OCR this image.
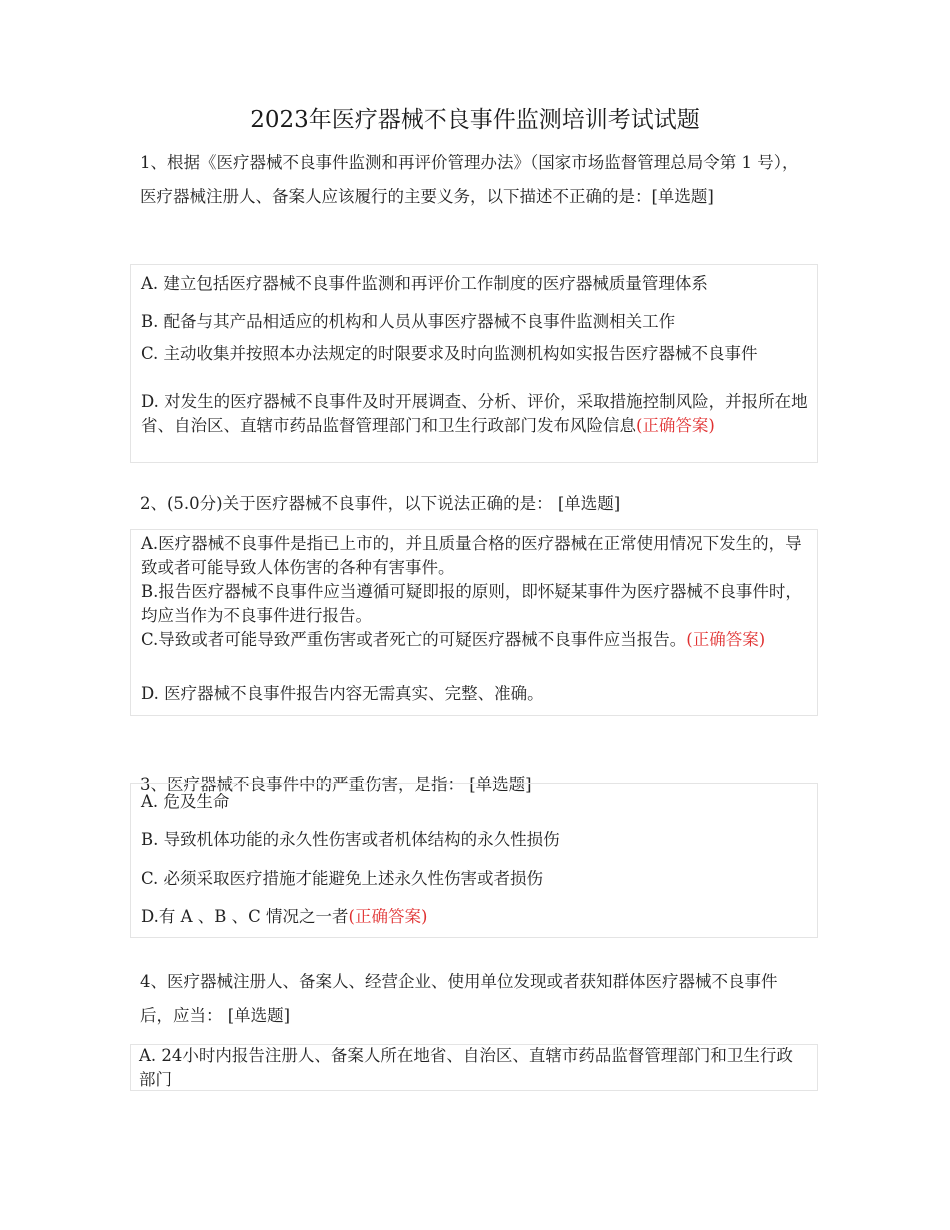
2023年医疗器械不良事件监测培训考试试题
1、根据《医疗器械不良事件监测和再评价管理办法》（国家市场监督管理总局令第 1 号），医疗器械注册人、备案人应该履行的主要义务，以下描述不正确的是：[单选题]
A. 建立包括医疗器械不良事件监测和再评价工作制度的医疗器械质量管理体系
B. 配备与其产品相适应的机构和人员从事医疗器械不良事件监测相关工作
C. 主动收集并按照本办法规定的时限要求及时向监测机构如实报告医疗器械不良事件
D. 对发生的医疗器械不良事件及时开展调查、分析、评价，采取措施控制风险，并报所在地省、自治区、直辖市药品监督管理部门和卫生行政部门发布风险信息(正确答案)
2、(5.0分)关于医疗器械不良事件，以下说法正确的是： [单选题]
A.医疗器械不良事件是指已上市的，并且质量合格的医疗器械在正常使用情况下发生的，导致或者可能导致人体伤害的各种有害事件。
B.报告医疗器械不良事件应当遵循可疑即报的原则，即怀疑某事件为医疗器械不良事件时，均应当作为不良事件进行报告。
C.导致或者可能导致严重伤害或者死亡的可疑医疗器械不良事件应当报告。(正确答案)
D. 医疗器械不良事件报告内容无需真实、完整、准确。
3、医疗器械不良事件中的严重伤害，是指： [单选题]
A. 危及生命
B. 导致机体功能的永久性伤害或者机体结构的永久性损伤
C. 必须采取医疗措施才能避免上述永久性伤害或者损伤
D.有 A 、B 、C 情况之一者(正确答案)
4、医疗器械注册人、备案人、经营企业、使用单位发现或者获知群体医疗器械不良事件后，应当： [单选题]
A. 24小时内报告注册人、备案人所在地省、自治区、直辖市药品监督管理部门和卫生行政部门
